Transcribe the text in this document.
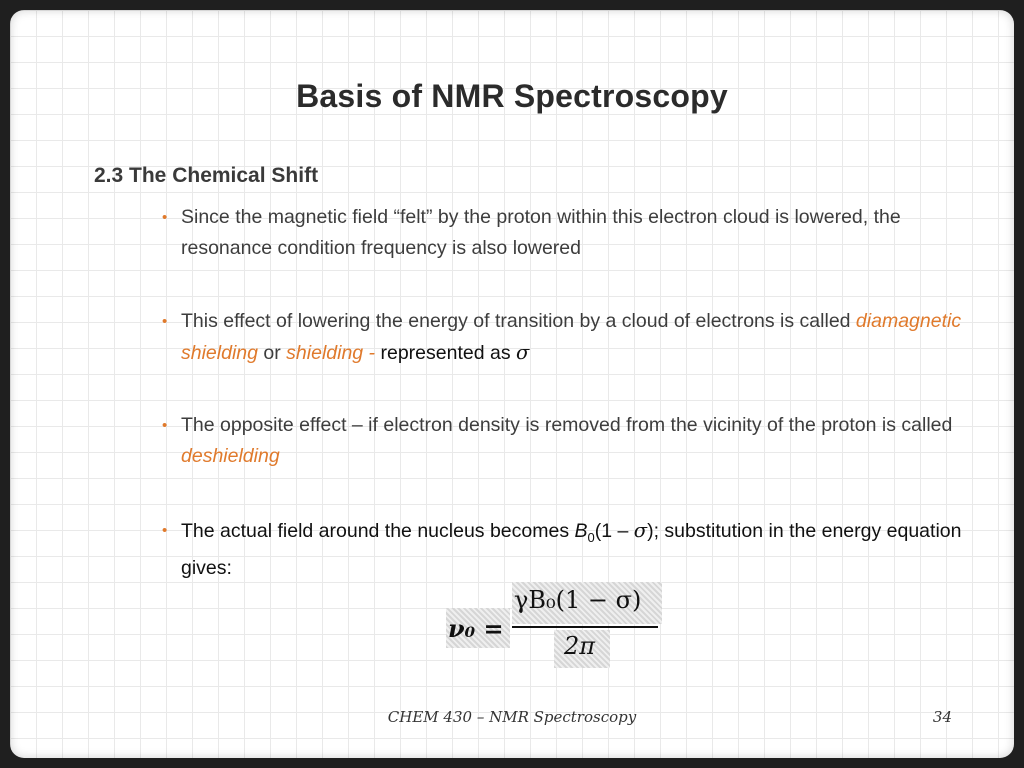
Basis of NMR Spectroscopy
2.3 The Chemical Shift
• Since the magnetic field “felt” by the proton within this electron cloud is lowered, the resonance condition frequency is also lowered
• This effect of lowering the energy of transition by a cloud of electrons is called diamagnetic shielding or shielding - represented as σ
• The opposite effect – if electron density is removed from the vicinity of the proton is called deshielding
• The actual field around the nucleus becomes $B_0(1 - \sigma)$; substitution in the energy equation gives:
ν₀ =
γB₀(1 − σ)
2π
CHEM 430 – NMR Spectroscopy	34
